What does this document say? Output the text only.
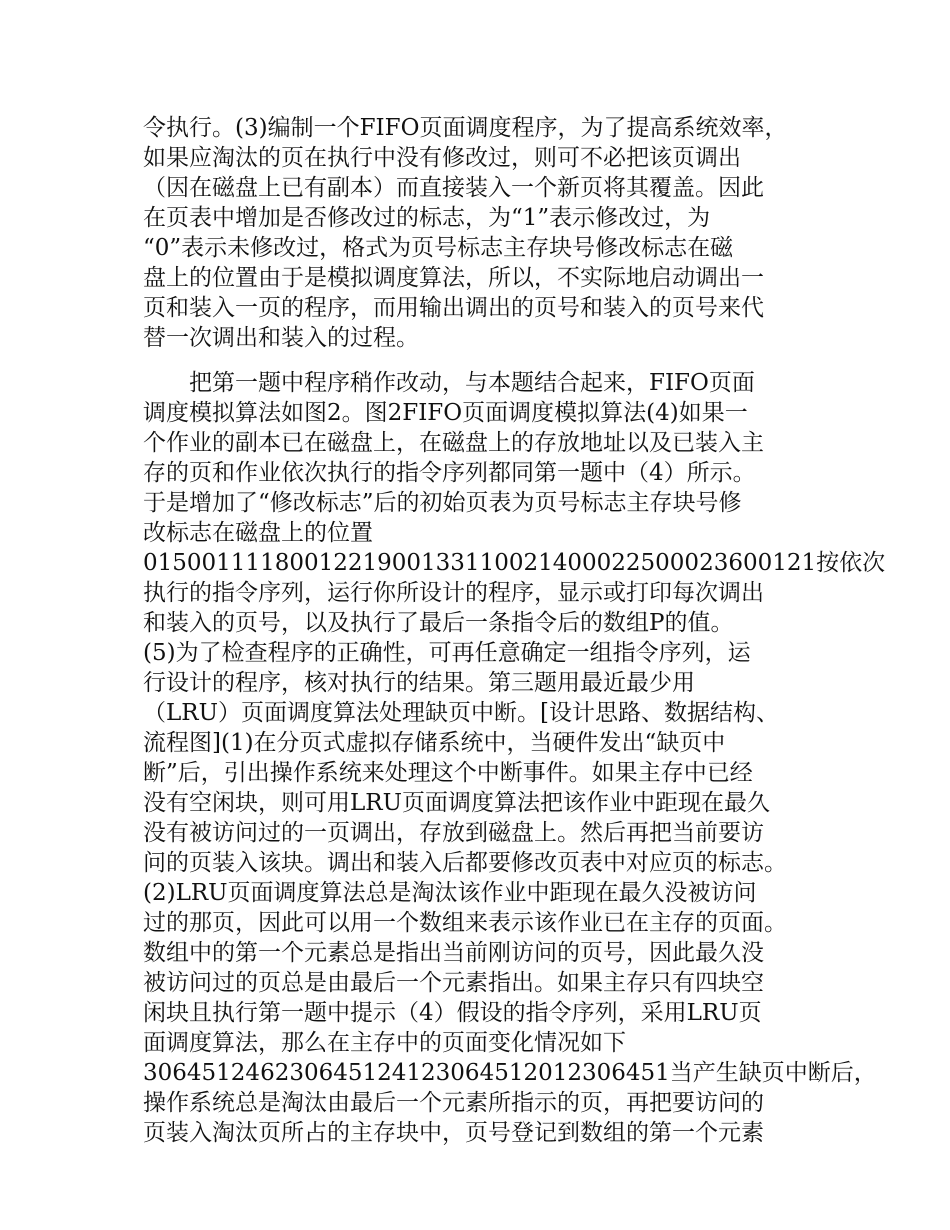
令执行。(3)编制一个FIFO页面调度程序，为了提高系统效率，
如果应淘汰的页在执行中没有修改过，则可不必把该页调出
（因在磁盘上已有副本）而直接装入一个新页将其覆盖。因此
在页表中增加是否修改过的标志，为“1”表示修改过，为
“0”表示未修改过，格式为页号标志主存块号修改标志在磁
盘上的位置由于是模拟调度算法，所以，不实际地启动调出一
页和装入一页的程序，而用输出调出的页号和装入的页号来代
替一次调出和装入的过程。
把第一题中程序稍作改动，与本题结合起来，FIFO页面
调度模拟算法如图2。图2FIFO页面调度模拟算法(4)如果一
个作业的副本已在磁盘上，在磁盘上的存放地址以及已装入主
存的页和作业依次执行的指令序列都同第一题中（4）所示。
于是增加了“修改标志”后的初始页表为页号标志主存块号修
改标志在磁盘上的位置
015001111800122190013311002140002250002360012​1按依次
执行的指令序列，运行你所设计的程序，显示或打印每次调出
和装入的页号，以及执行了最后一条指令后的数组P的值。
(5)为了检查程序的正确性，可再任意确定一组指令序列，运
行设计的程序，核对执行的结果。第三题用最近最少用
（LRU）页面调度算法处理缺页中断。[设计思路、数据结构、
流程图](1)在分页式虚拟存储系统中，当硬件发出“缺页中
断”后，引出操作系统来处理这个中断事件。如果主存中已经
没有空闲块，则可用LRU页面调度算法把该作业中距现在最久
没有被访问过的一页调出，存放到磁盘上。然后再把当前要访
问的页装入该块。调出和装入后都要修改页表中对应页的标志。
(2)LRU页面调度算法总是淘汰该作业中距现在最久没被访问
过的那页，因此可以用一个数组来表示该作业已在主存的页面。
数组中的第一个元素总是指出当前刚访问的页号，因此最久没
被访问过的页总是由最后一个元素指出。如果主存只有四块空
闲块且执行第一题中提示（4）假设的指令序列，采用LRU页
面调度算法，那么在主存中的页面变化情况如下
3064512462306451241230645120123064​51当产生缺页中断后，
操作系统总是淘汰由最后一个元素所指示的页，再把要访问的
页装入淘汰页所占的主存块中，页号登记到数组的第一个元素
